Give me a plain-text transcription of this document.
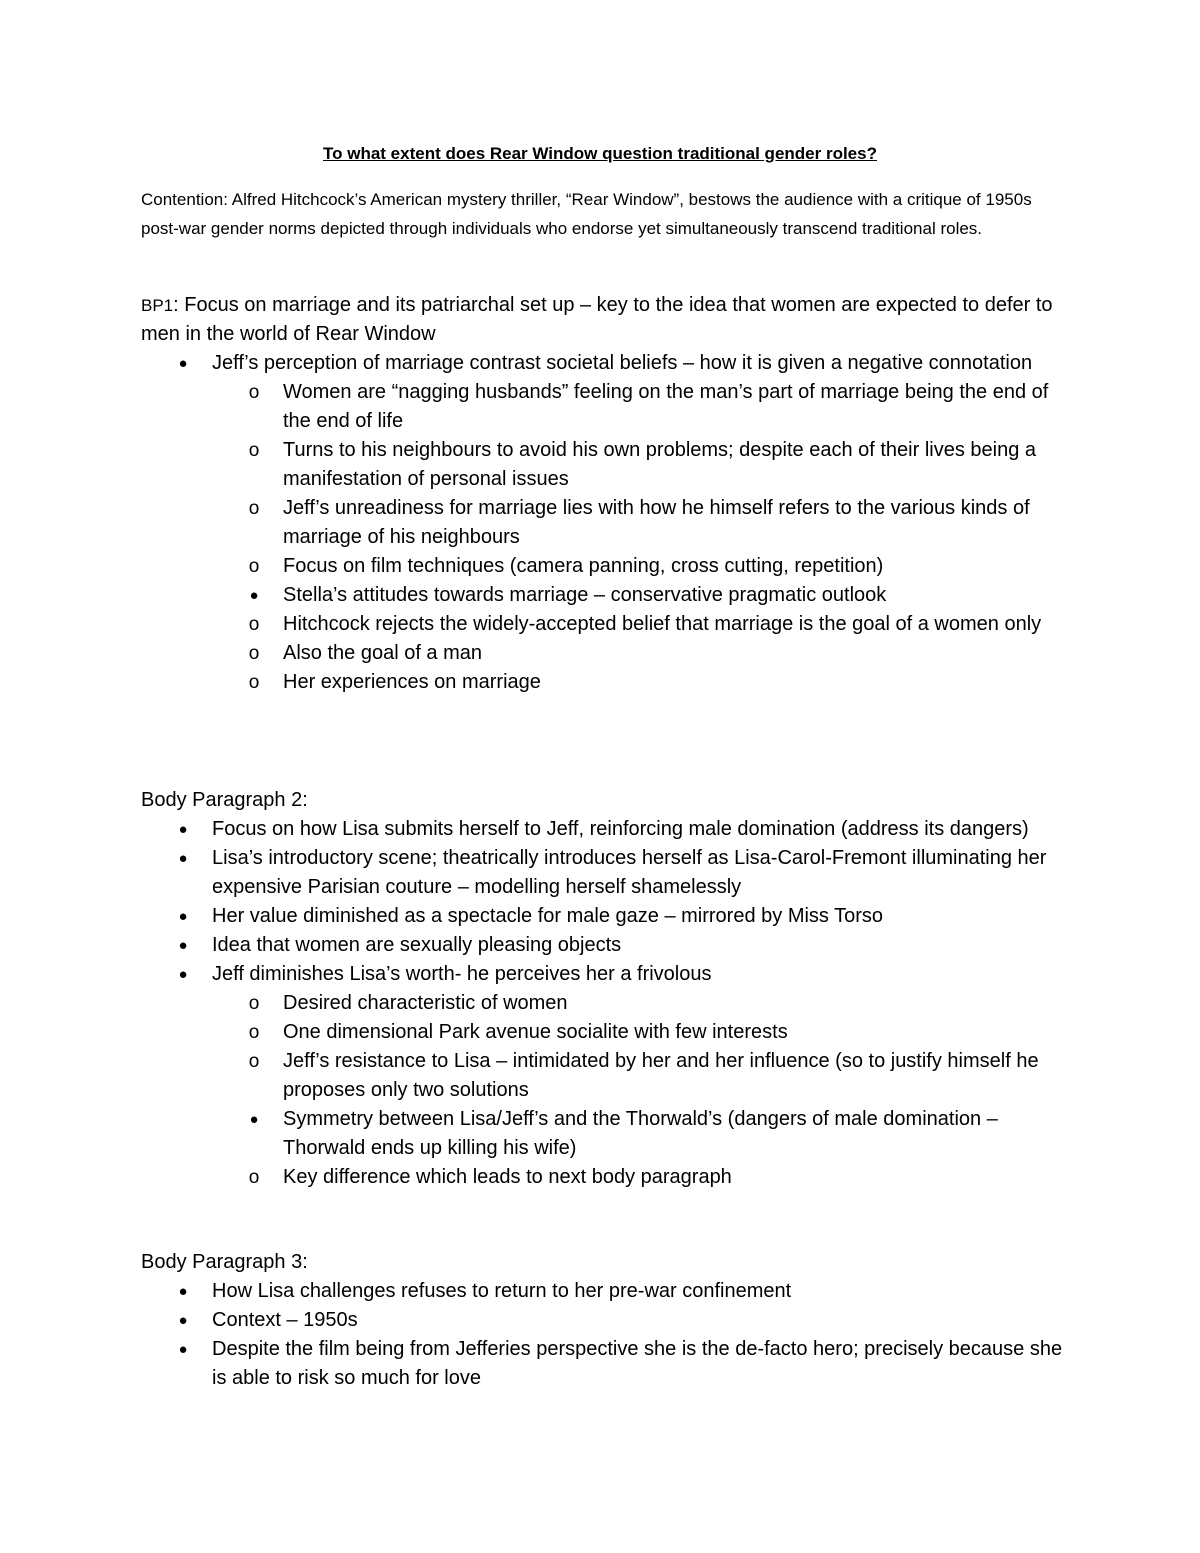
To what extent does Rear Window question traditional gender roles?
Contention: Alfred Hitchcock’s American mystery thriller, “Rear Window”, bestows the audience with a critique of 1950s post-war gender norms depicted through individuals who endorse yet simultaneously transcend traditional roles.

BP1: Focus on marriage and its patriarchal set up – key to the idea that women are expected to defer to men in the world of Rear Window

● Jeff’s perception of marriage contrast societal beliefs – how it is given a negative connotation
o Women are “nagging husbands” feeling on the man’s part of marriage being the end of the end of life
o Turns to his neighbours to avoid his own problems; despite each of their lives being a manifestation of personal issues
o Jeff’s unreadiness for marriage lies with how he himself refers to the various kinds of marriage of his neighbours
o Focus on film techniques (camera panning, cross cutting, repetition)
● Stella’s attitudes towards marriage – conservative pragmatic outlook
o Hitchcock rejects the widely-accepted belief that marriage is the goal of a women only
o Also the goal of a man
o Her experiences on marriage

Body Paragraph 2:

● Focus on how Lisa submits herself to Jeff, reinforcing male domination (address its dangers)
● Lisa’s introductory scene; theatrically introduces herself as Lisa-Carol-Fremont illuminating her expensive Parisian couture – modelling herself shamelessly
● Her value diminished as a spectacle for male gaze – mirrored by Miss Torso
● Idea that women are sexually pleasing objects
● Jeff diminishes Lisa’s worth- he perceives her a frivolous
o Desired characteristic of women
o One dimensional Park avenue socialite with few interests
o Jeff’s resistance to Lisa – intimidated by her and her influence (so to justify himself he proposes only two solutions
● Symmetry between Lisa/Jeff’s and the Thorwald’s (dangers of male domination – Thorwald ends up killing his wife)
o Key difference which leads to next body paragraph

Body Paragraph 3:

● How Lisa challenges refuses to return to her pre-war confinement
● Context – 1950s
● Despite the film being from Jefferies perspective she is the de-facto hero; precisely because she is able to risk so much for love
